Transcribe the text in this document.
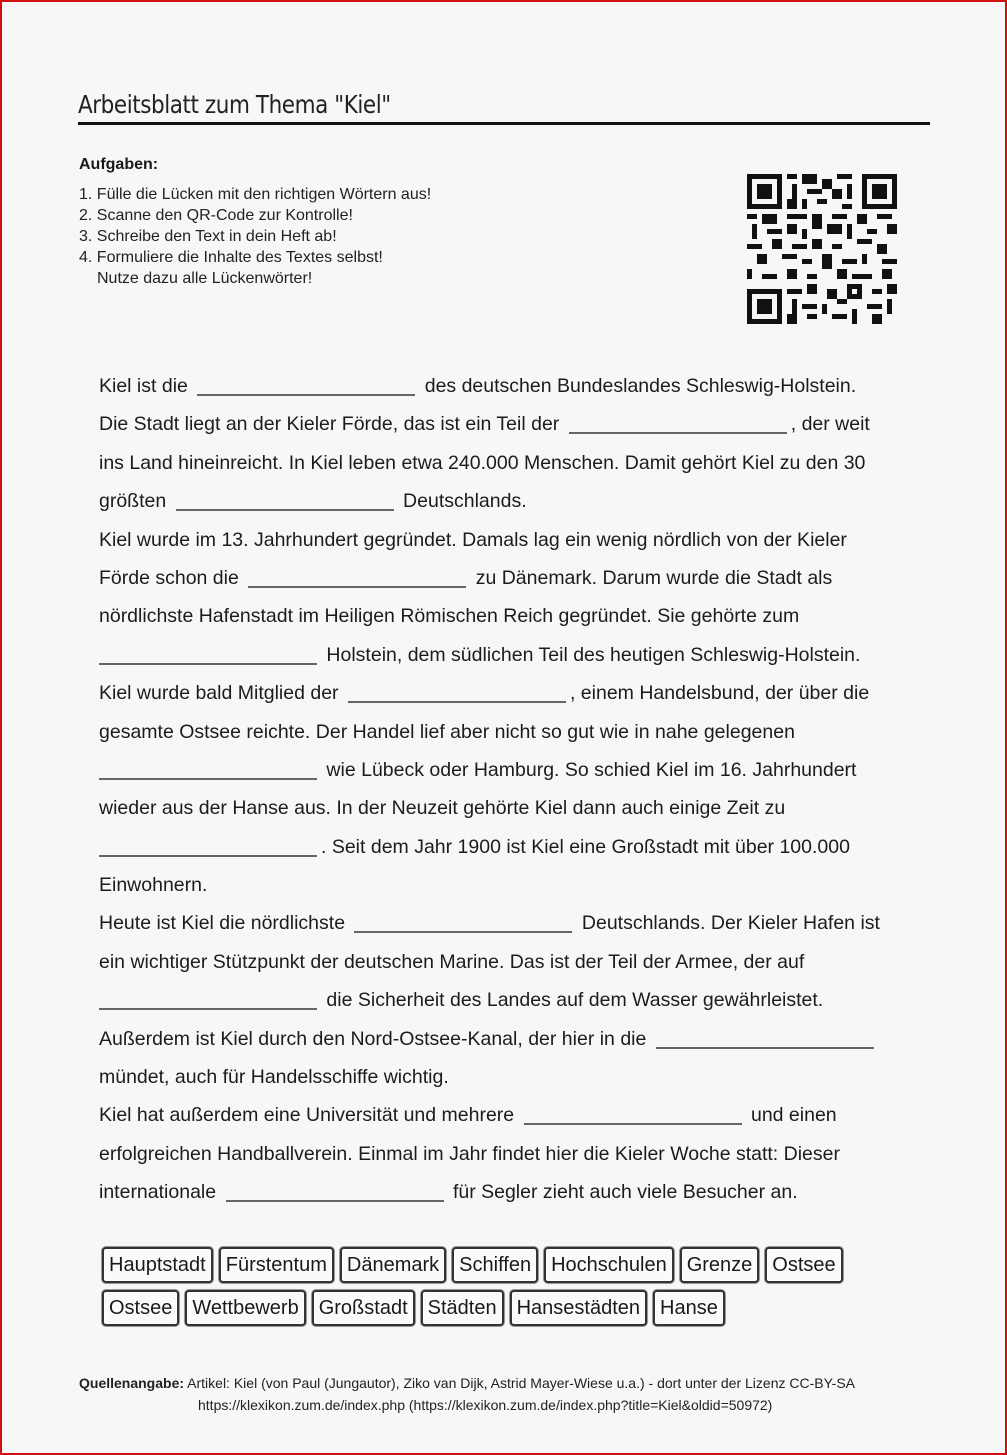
Arbeitsblatt zum Thema "Kiel"
Aufgaben:
1. Fülle die Lücken mit den richtigen Wörtern aus!
2. Scanne den QR-Code zur Kontrolle!
3. Schreibe den Text in dein Heft ab!
4. Formuliere die Inhalte des Textes selbst!
Nutze dazu alle Lückenwörter!
Kiel ist die	des deutschen Bundeslandes Schleswig-Holstein.
Die Stadt liegt an der Kieler Förde, das ist ein Teil der	, der weit
ins Land hineinreicht. In Kiel leben etwa 240.000 Menschen. Damit gehört Kiel zu den 30
größten	Deutschlands.
Kiel wurde im 13. Jahrhundert gegründet. Damals lag ein wenig nördlich von der Kieler
Förde schon die	zu Dänemark. Darum wurde die Stadt als
nördlichste Hafenstadt im Heiligen Römischen Reich gegründet. Sie gehörte zum
Holstein, dem südlichen Teil des heutigen Schleswig-Holstein.
Kiel wurde bald Mitglied der	, einem Handelsbund, der über die
gesamte Ostsee reichte. Der Handel lief aber nicht so gut wie in nahe gelegenen
wie Lübeck oder Hamburg. So schied Kiel im 16. Jahrhundert
wieder aus der Hanse aus. In der Neuzeit gehörte Kiel dann auch einige Zeit zu
. Seit dem Jahr 1900 ist Kiel eine Großstadt mit über 100.000
Einwohnern.
Heute ist Kiel die nördlichste	Deutschlands. Der Kieler Hafen ist
ein wichtiger Stützpunkt der deutschen Marine. Das ist der Teil der Armee, der auf
die Sicherheit des Landes auf dem Wasser gewährleistet.
Außerdem ist Kiel durch den Nord-Ostsee-Kanal, der hier in die
mündet, auch für Handelsschiffe wichtig.
Kiel hat außerdem eine Universität und mehrere	und einen
erfolgreichen Handballverein. Einmal im Jahr findet hier die Kieler Woche statt: Dieser
internationale	für Segler zieht auch viele Besucher an.
Hauptstadt	Fürstentum	Dänemark	Schiffen	Hochschulen	Grenze	Ostsee
Ostsee	Wettbewerb	Großstadt	Städten	Hansestädten	Hanse
Quellenangabe: Artikel: Kiel (von Paul (Jungautor), Ziko van Dijk, Astrid Mayer-Wiese u.a.) - dort unter der Lizenz CC-BY-SA
https://klexikon.zum.de/index.php (https://klexikon.zum.de/index.php?title=Kiel&oldid=50972)
